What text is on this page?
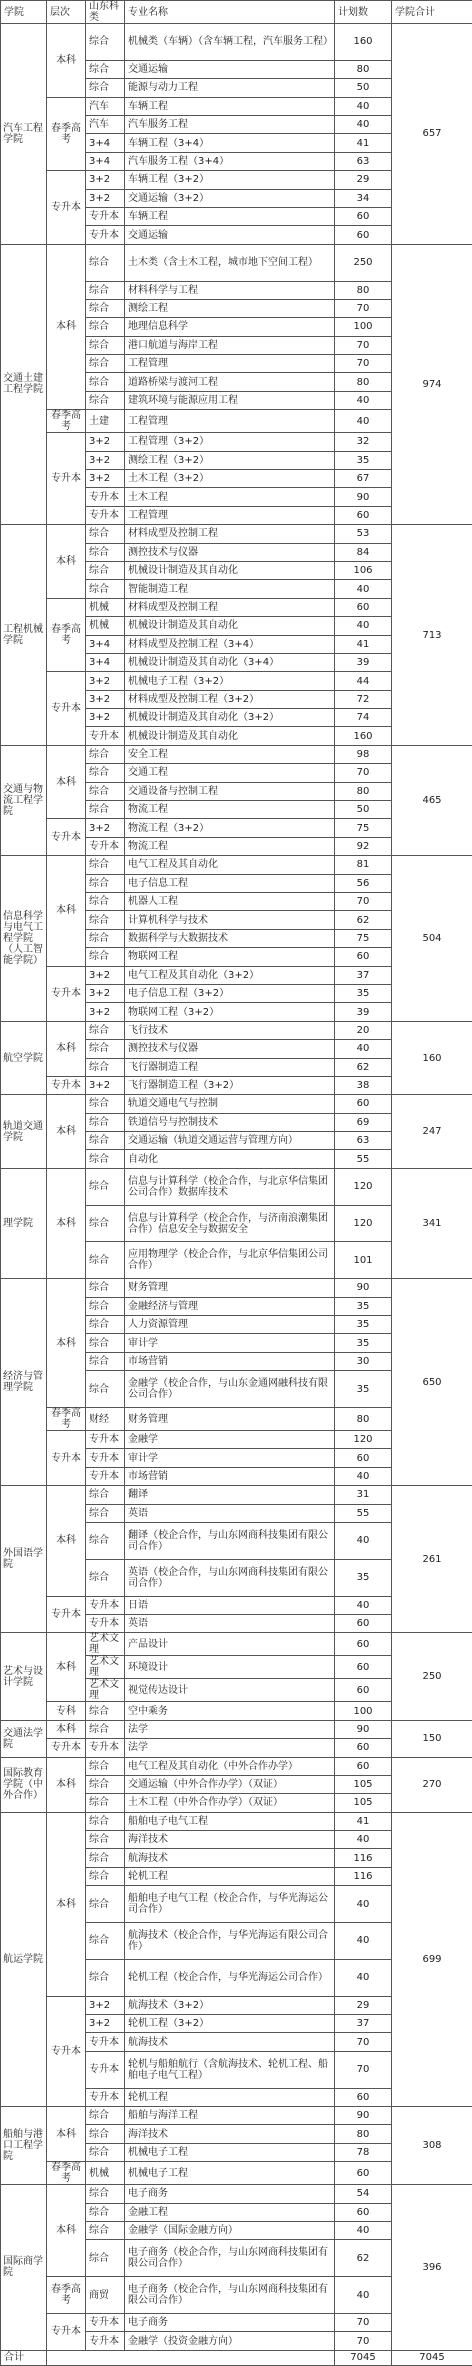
学院	层次	山东科类	专业名称	计划数	学院合计
汽车工程学院	本科	综合	机械类（车辆）（含车辆工程，汽车服务工程）	160	657
		综合	交通运输	80	
		综合	能源与动力工程	50	
	春季高考	汽车	车辆工程	40	
		汽车	汽车服务工程	40	
		3+4	车辆工程（3+4）	41	
		3+4	汽车服务工程（3+4）	63	
	专升本	3+2	车辆工程（3+2）	29	
		3+2	交通运输（3+2）	34	
		专升本	车辆工程	60	
		专升本	交通运输	60	
交通土建工程学院	本科	综合	土木类（含土木工程，城市地下空间工程）	250	974
		综合	材料科学与工程	80	
		综合	测绘工程	70	
		综合	地理信息科学	100	
		综合	港口航道与海岸工程	70	
		综合	工程管理	70	
		综合	道路桥梁与渡河工程	80	
		综合	建筑环境与能源应用工程	40	
	春季高考	土建	工程管理	40	
	专升本	3+2	工程管理（3+2）	32	
		3+2	测绘工程（3+2）	35	
		3+2	土木工程（3+2）	67	
		专升本	土木工程	90	
		专升本	工程管理	60	
工程机械学院	本科	综合	材料成型及控制工程	53	713
		综合	测控技术与仪器	84	
		综合	机械设计制造及其自动化	106	
		综合	智能制造工程	40	
	春季高考	机械	材料成型及控制工程	60	
		机械	机械设计制造及其自动化	40	
		3+4	材料成型及控制工程（3+4）	41	
		3+4	机械设计制造及其自动化（3+4）	39	
	专升本	3+2	机械电子工程（3+2）	44	
		3+2	材料成型及控制工程（3+2）	72	
		3+2	机械设计制造及其自动化（3+2）	74	
		专升本	机械设计制造及其自动化	160	
交通与物流工程学院	本科	综合	安全工程	98	465
		综合	交通工程	70	
		综合	交通设备与控制工程	80	
		综合	物流工程	50	
	专升本	3+2	物流工程（3+2）	75	
		专升本	物流工程	92	
信息科学与电气工程学院（人工智能学院）	本科	综合	电气工程及其自动化	81	504
		综合	电子信息工程	56	
		综合	机器人工程	70	
		综合	计算机科学与技术	62	
		综合	数据科学与大数据技术	75	
		综合	物联网工程	60	
	专升本	3+2	电气工程及其自动化（3+2）	37	
		3+2	电子信息工程（3+2）	35	
		3+2	物联网工程（3+2）	39	
航空学院	本科	综合	飞行技术	20	160
		综合	测控技术与仪器	40	
		综合	飞行器制造工程	62	
	专升本	3+2	飞行器制造工程（3+2）	38	
轨道交通学院	本科	综合	轨道交通电气与控制	60	247
		综合	铁道信号与控制技术	69	
		综合	交通运输（轨道交通运营与管理方向）	63	
		综合	自动化	55	
理学院	本科	综合	信息与计算科学（校企合作，与北京华信集团公司合作）数据库技术	120	341
		综合	信息与计算科学（校企合作，与济南浪潮集团合作）信息安全与数据安全	120	
		综合	应用物理学（校企合作，与北京华信集团公司合作）	101	
经济与管理学院	本科	综合	财务管理	90	650
		综合	金融经济与管理	35	
		综合	人力资源管理	35	
		综合	审计学	35	
		综合	市场营销	30	
		综合	金融学（校企合作，与山东金通网融科技有限公司合作）	35	
	春季高考	财经	财务管理	80	
	专升本	专升本	金融学	120	
		专升本	审计学	60	
		专升本	市场营销	40	
外国语学院	本科	综合	翻译	31	261
		综合	英语	55	
		综合	翻译（校企合作，与山东网商科技集团有限公司合作）	40	
		综合	英语（校企合作，与山东网商科技集团有限公司合作）	35	
	专升本	专升本	日语	40	
		专升本	英语	60	
艺术与设计学院	本科	艺术文理	产品设计	60	250
		艺术文理	环境设计	60	
		艺术文理	视觉传达设计	60	
	专科	综合	空中乘务	100	
交通法学院	本科	综合	法学	90	150
	专升本	专升本	法学	60	
国际教育学院（中外合作）	本科	综合	电气工程及其自动化（中外合作办学）	60	270
		综合	交通运输（中外合作办学）（双证）	105	
		综合	土木工程（中外合作办学）（双证）	105	
航运学院	本科	综合	船舶电子电气工程	41	699
		综合	海洋技术	40	
		综合	航海技术	116	
		综合	轮机工程	116	
		综合	船舶电子电气工程（校企合作，与华光海运公司合作）	40	
		综合	航海技术（校企合作，与华光海运有限公司合作）	40	
		综合	轮机工程（校企合作，与华光海运公司合作）	40	
	专升本	3+2	航海技术（3+2）	29	
		3+2	轮机工程（3+2）	37	
		专升本	航海技术	70	
		专升本	轮机与船舶航行（含航海技术、轮机工程、船舶电子电气工程）	70	
		专升本	轮机工程	60	
船舶与港口工程学院	本科	综合	船舶与海洋工程	90	308
		综合	海洋技术	80	
		综合	机械电子工程	78	
	春季高考	机械	机械电子工程	60	
国际商学院	本科	综合	电子商务	54	396
		综合	金融工程	60	
		综合	金融学（国际金融方向）	40	
		综合	电子商务（校企合作，与山东网商科技集团有限公司合作）	62	
	春季高考	商贸	电子商务（校企合作，与山东网商科技集团有限公司合作）	40	
	专升本	专升本	电子商务	70	
		专升本	金融学（投资金融方向）	70	
合计				7045	7045
